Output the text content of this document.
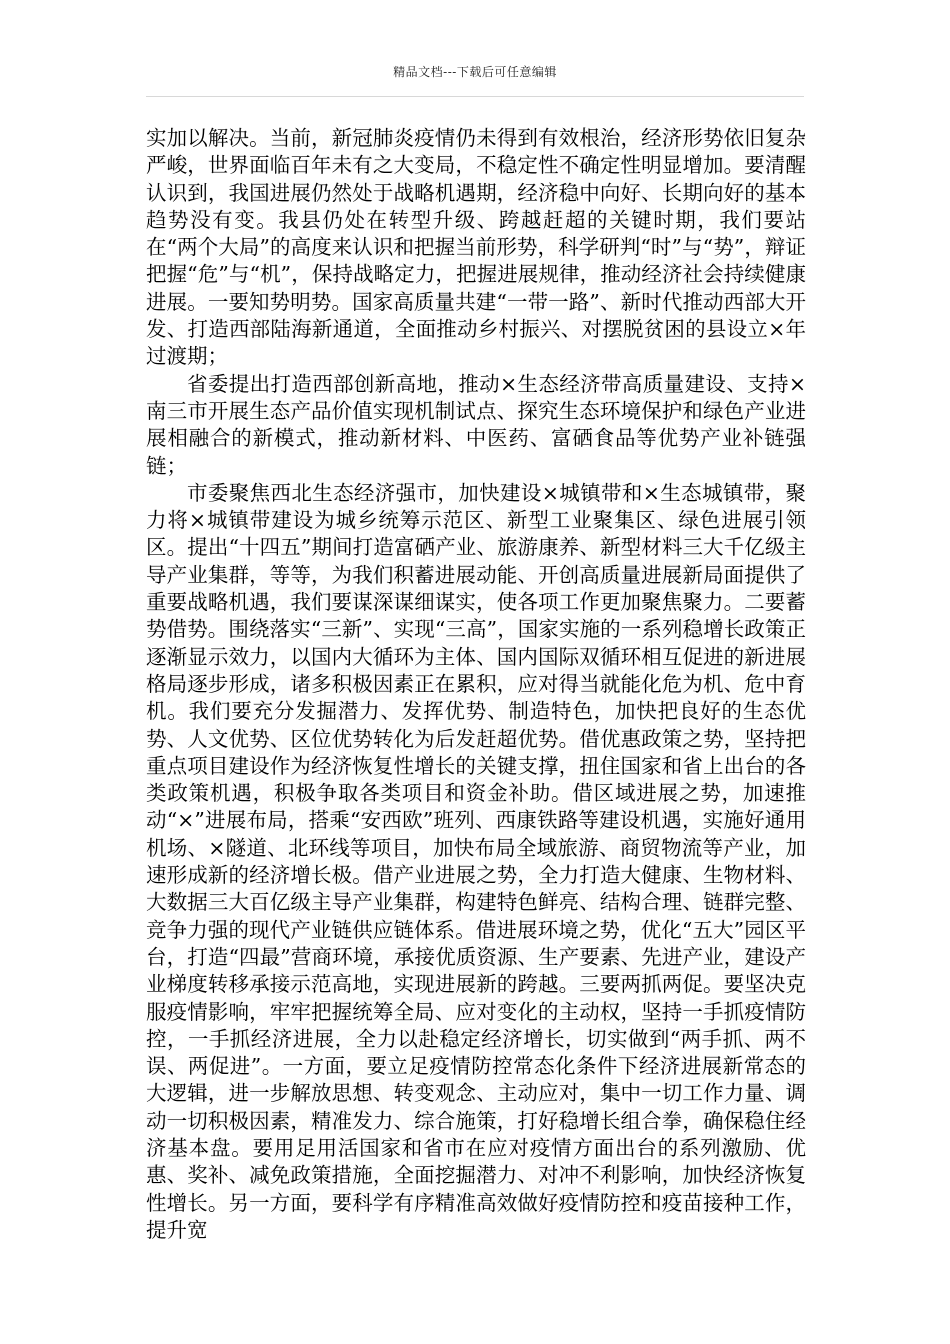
精品文档---下载后可任意编辑

实加以解决。当前，新冠肺炎疫情仍未得到有效根治，经济形势依旧复杂严峻，世界面临百年未有之大变局，不稳定性不确定性明显增加。要清醒认识到，我国进展仍然处于战略机遇期，经济稳中向好、长期向好的基本趋势没有变。我县仍处在转型升级、跨越赶超的关键时期，我们要站在“两个大局”的高度来认识和把握当前形势，科学研判“时”与“势”，辩证把握“危”与“机”，保持战略定力，把握进展规律，推动经济社会持续健康进展。一要知势明势。国家高质量共建“一带一路”、新时代推动西部大开发、打造西部陆海新通道，全面推动乡村振兴、对摆脱贫困的县设立×年过渡期；

省委提出打造西部创新高地，推动×生态经济带高质量建设、支持×南三市开展生态产品价值实现机制试点、探究生态环境保护和绿色产业进展相融合的新模式，推动新材料、中医药、富硒食品等优势产业补链强链；

市委聚焦西北生态经济强市，加快建设×城镇带和×生态城镇带，聚力将×城镇带建设为城乡统筹示范区、新型工业聚集区、绿色进展引领区。提出“十四五”期间打造富硒产业、旅游康养、新型材料三大千亿级主导产业集群，等等，为我们积蓄进展动能、开创高质量进展新局面提供了重要战略机遇，我们要谋深谋细谋实，使各项工作更加聚焦聚力。二要蓄势借势。围绕落实“三新”、实现“三高”，国家实施的一系列稳增长政策正逐渐显示效力，以国内大循环为主体、国内国际双循环相互促进的新进展格局逐步形成，诸多积极因素正在累积，应对得当就能化危为机、危中育机。我们要充分发掘潜力、发挥优势、制造特色，加快把良好的生态优势、人文优势、区位优势转化为后发赶超优势。借优惠政策之势，坚持把重点项目建设作为经济恢复性增长的关键支撑，扭住国家和省上出台的各类政策机遇，积极争取各类项目和资金补助。借区域进展之势，加速推动“×”进展布局，搭乘“安西欧”班列、西康铁路等建设机遇，实施好通用机场、×隧道、北环线等项目，加快布局全域旅游、商贸物流等产业，加速形成新的经济增长极。借产业进展之势，全力打造大健康、生物材料、大数据三大百亿级主导产业集群，构建特色鲜亮、结构合理、链群完整、竞争力强的现代产业链供应链体系。借进展环境之势，优化“五大”园区平台，打造“四最”营商环境，承接优质资源、生产要素、先进产业，建设产业梯度转移承接示范高地，实现进展新的跨越。三要两抓两促。要坚决克服疫情影响，牢牢把握统筹全局、应对变化的主动权，坚持一手抓疫情防控，一手抓经济进展，全力以赴稳定经济增长，切实做到“两手抓、两不误、两促进”。一方面，要立足疫情防控常态化条件下经济进展新常态的大逻辑，进一步解放思想、转变观念、主动应对，集中一切工作力量、调动一切积极因素，精准发力、综合施策，打好稳增长组合拳，确保稳住经济基本盘。要用足用活国家和省市在应对疫情方面出台的系列激励、优惠、奖补、减免政策措施，全面挖掘潜力、对冲不利影响，加快经济恢复性增长。另一方面，要科学有序精准高效做好疫情防控和疫苗接种工作，提升宽
